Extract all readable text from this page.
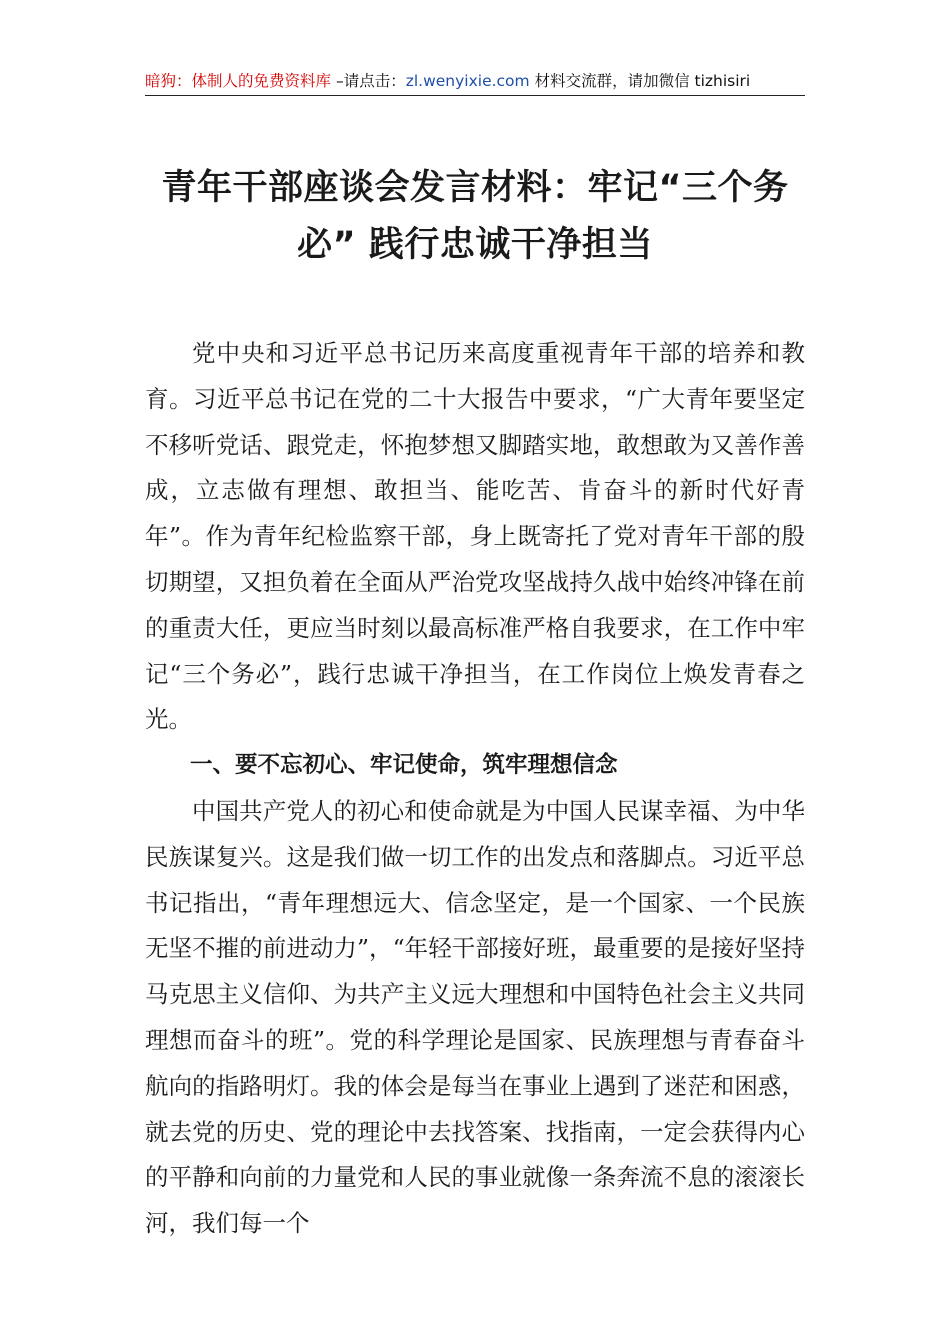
暗狗：体制人的免费资料库 –请点击：zl.wenyixie.com 材料交流群，请加微信 tizhisiri
青年干部座谈会发言材料：牢记“三个务
必” 践行忠诚干净担当

党中央和习近平总书记历来高度重视青年干部的培养和教育。习近平总书记在党的二十大报告中要求，“广大青年要坚定不移听党话、跟党走，怀抱梦想又脚踏实地，敢想敢为又善作善成，立志做有理想、敢担当、能吃苦、肯奋斗的新时代好青年”。作为青年纪检监察干部，身上既寄托了党对青年干部的殷切期望，又担负着在全面从严治党攻坚战持久战中始终冲锋在前的重责大任，更应当时刻以最高标准严格自我要求，在工作中牢记“三个务必”，践行忠诚干净担当，在工作岗位上焕发青春之光。

一、要不忘初心、牢记使命，筑牢理想信念

中国共产党人的初心和使命就是为中国人民谋幸福、为中华民族谋复兴。这是我们做一切工作的出发点和落脚点。习近平总书记指出，“青年理想远大、信念坚定，是一个国家、一个民族无坚不摧的前进动力”，“年轻干部接好班，最重要的是接好坚持马克思主义信仰、为共产主义远大理想和中国特色社会主义共同理想而奋斗的班”。党的科学理论是国家、民族理想与青春奋斗航向的指路明灯。我的体会是每当在事业上遇到了迷茫和困惑，就去党的历史、党的理论中去找答案、找指南，一定会获得内心的平静和向前的力量党和人民的事业就像一条奔流不息的滚滚长河，我们每一个
